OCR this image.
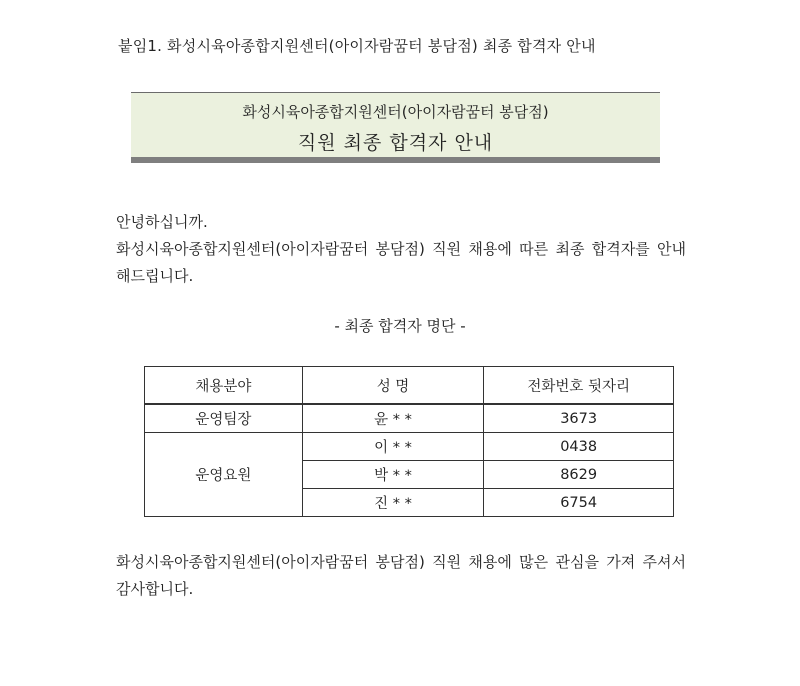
붙임1. 화성시육아종합지원센터(아이자람꿈터 봉담점) 최종 합격자 안내
화성시육아종합지원센터(아이자람꿈터 봉담점)
직원 최종 합격자 안내
안녕하십니까.
화성시육아종합지원센터(아이자람꿈터 봉담점) 직원 채용에 따른 최종 합격자를 안내해드립니다.
- 최종 합격자 명단 -
채용분야	성 명	전화번호 뒷자리
운영팀장	윤 * *	3673
운영요원	이 * *	0438
	박 * *	8629
	진 * *	6754
화성시육아종합지원센터(아이자람꿈터 봉담점) 직원 채용에 많은 관심을 가져 주셔서 감사합니다.
